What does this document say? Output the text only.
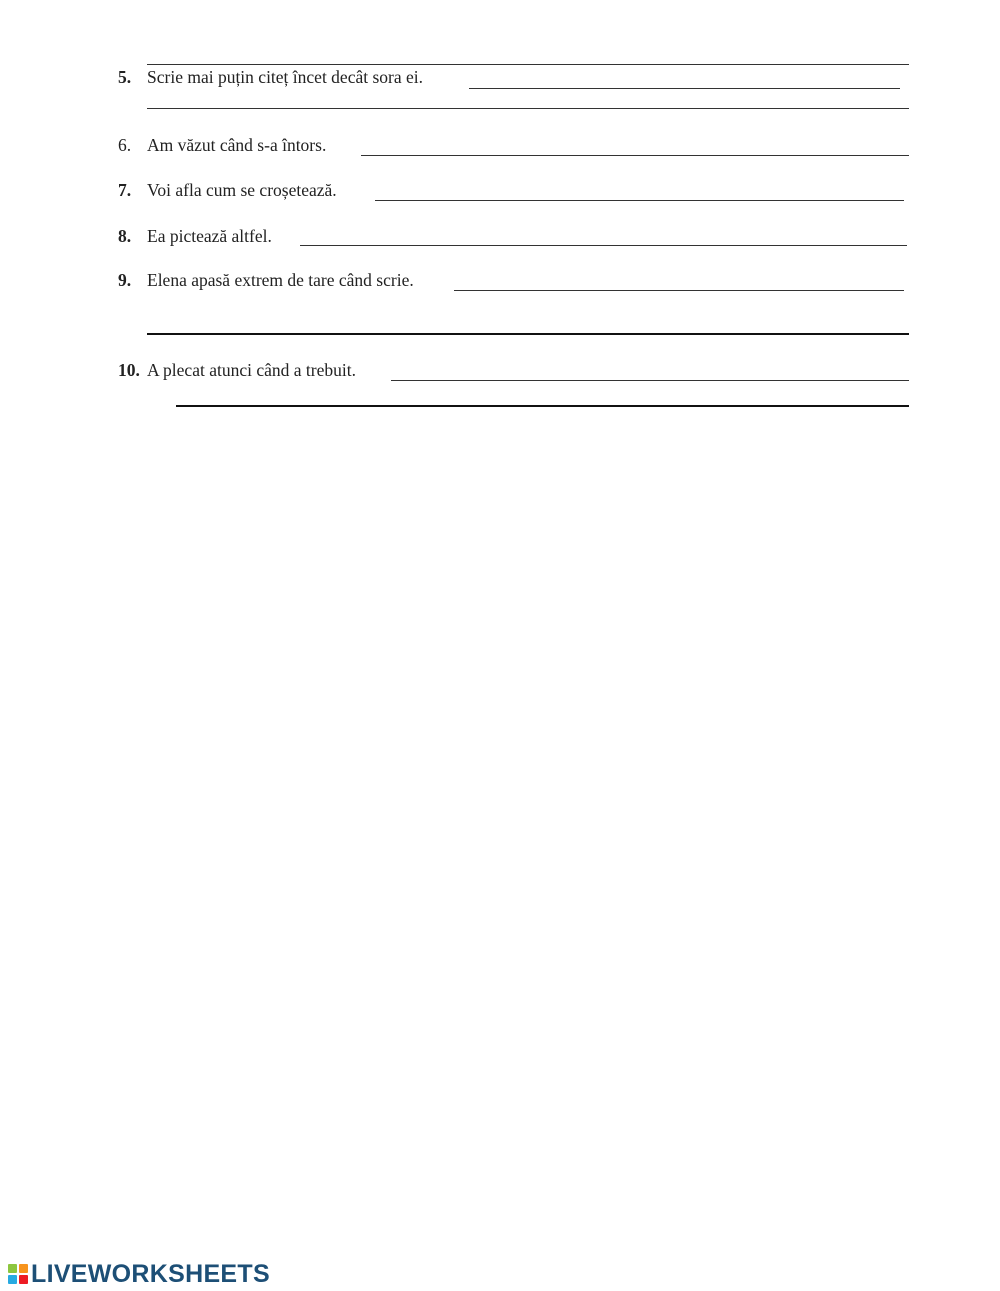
5. Scrie mai puțin citeț încet decât sora ei.
6. Am văzut când s-a întors.
7. Voi afla cum se croșetează.
8. Ea pictează altfel.
9. Elena apasă extrem de tare când scrie.
10. A plecat atunci când a trebuit.
LIVEWORKSHEETS
